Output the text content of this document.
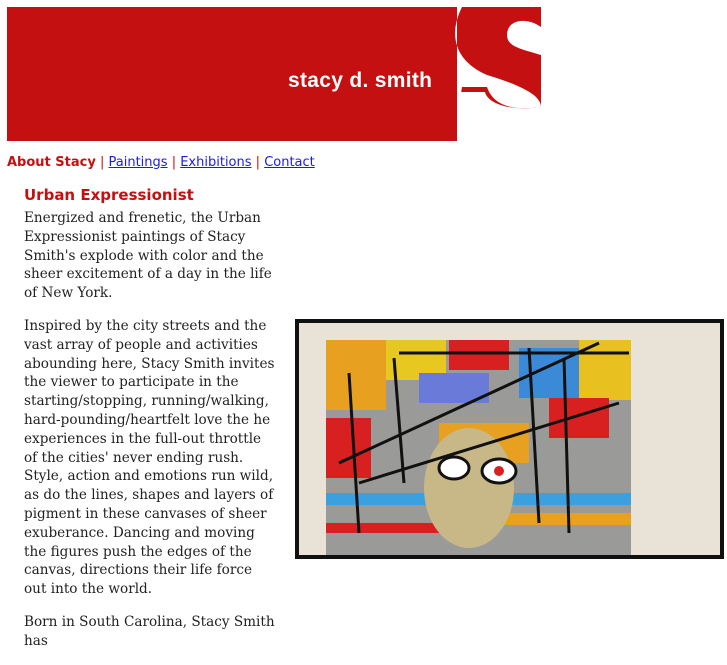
stacy d. smith
About Stacy | Paintings | Exhibitions | Contact
Urban Expressionist

Energized and frenetic, the Urban Expressionist paintings of Stacy Smith's explode with color and the sheer excitement of a day in the life of New York.

Inspired by the city streets and the vast array of people and activities abounding here, Stacy Smith invites the viewer to participate in the starting/stopping, running/walking, hard-pounding/heartfelt love the he experiences in the full-out throttle of the cities' never ending rush. Style, action and emotions run wild, as do the lines, shapes and layers of pigment in these canvases of sheer exuberance. Dancing and moving the figures push the edges of the canvas, directions their life force out into the world.

Born in South Carolina, Stacy Smith has
